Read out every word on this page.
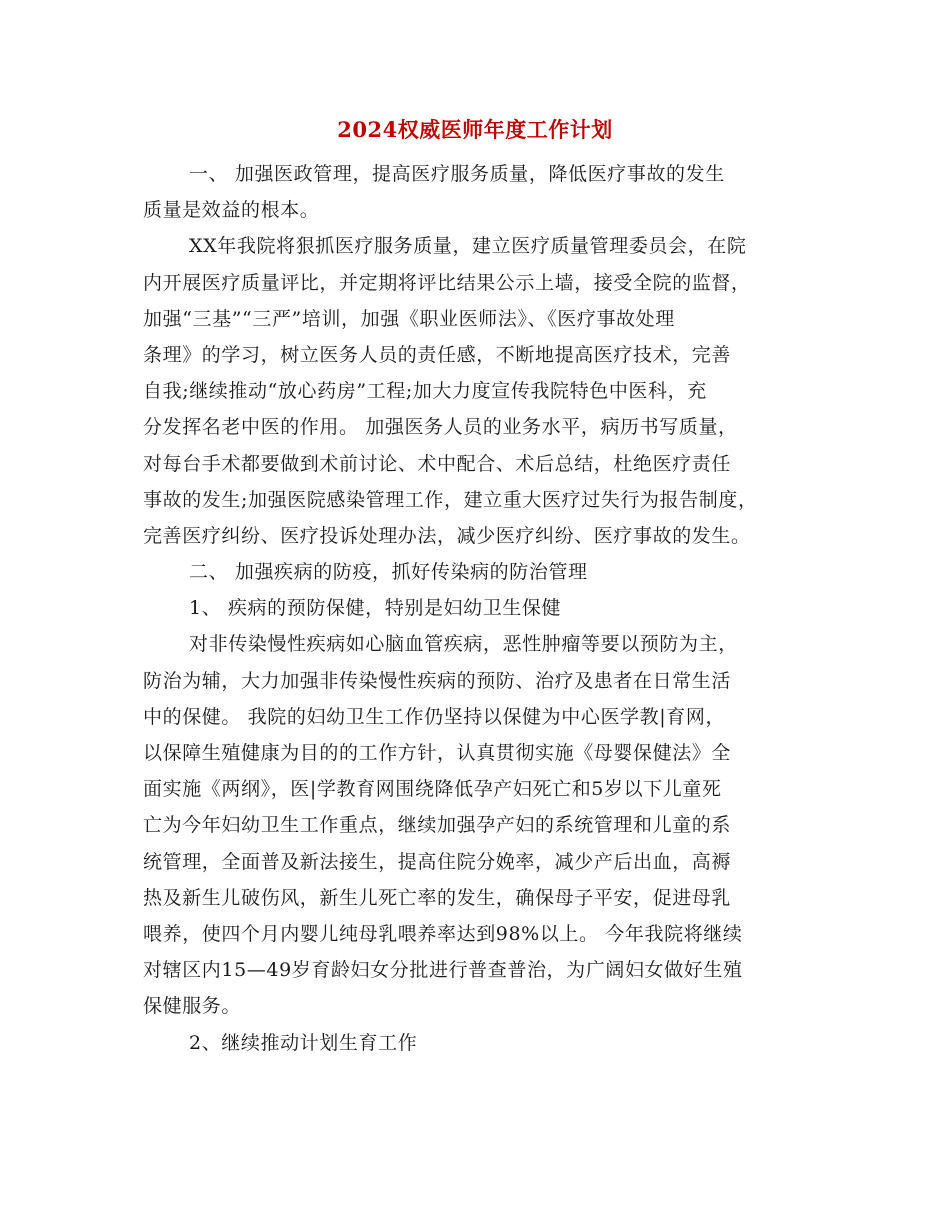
2024权威医师年度工作计划
一、 加强医政管理，提高医疗服务质量，降低医疗事故的发生
质量是效益的根本。
XX年我院将狠抓医疗服务质量，建立医疗质量管理委员会，在院
内开展医疗质量评比，并定期将评比结果公示上墙，接受全院的监督，
加强“三基”“三严”培训，加强《职业医师法》、《医疗事故处理
条理》的学习，树立医务人员的责任感，不断地提高医疗技术，完善
自我;继续推动“放心药房”工程;加大力度宣传我院特色中医科，充
分发挥名老中医的作用。 加强医务人员的业务水平，病历书写质量，
对每台手术都要做到术前讨论、术中配合、术后总结，杜绝医疗责任
事故的发生;加强医院感染管理工作，建立重大医疗过失行为报告制度，
完善医疗纠纷、医疗投诉处理办法，减少医疗纠纷、医疗事故的发生。
二、 加强疾病的防疫，抓好传染病的防治管理
1、 疾病的预防保健，特别是妇幼卫生保健
对非传染慢性疾病如心脑血管疾病，恶性肿瘤等要以预防为主，
防治为辅，大力加强非传染慢性疾病的预防、治疗及患者在日常生活
中的保健。 我院的妇幼卫生工作仍坚持以保健为中心医学教|育网，
以保障生殖健康为目的的工作方针，认真贯彻实施《母婴保健法》全
面实施《两纲》，医|学教育网围绕降低孕产妇死亡和5岁以下儿童死
亡为今年妇幼卫生工作重点，继续加强孕产妇的系统管理和儿童的系
统管理，全面普及新法接生，提高住院分娩率，减少产后出血，高褥
热及新生儿破伤风，新生儿死亡率的发生，确保母子平安，促进母乳
喂养，使四个月内婴儿纯母乳喂养率达到98%以上。 今年我院将继续
对辖区内15—49岁育龄妇女分批进行普查普治，为广阔妇女做好生殖
保健服务。
2、继续推动计划生育工作
